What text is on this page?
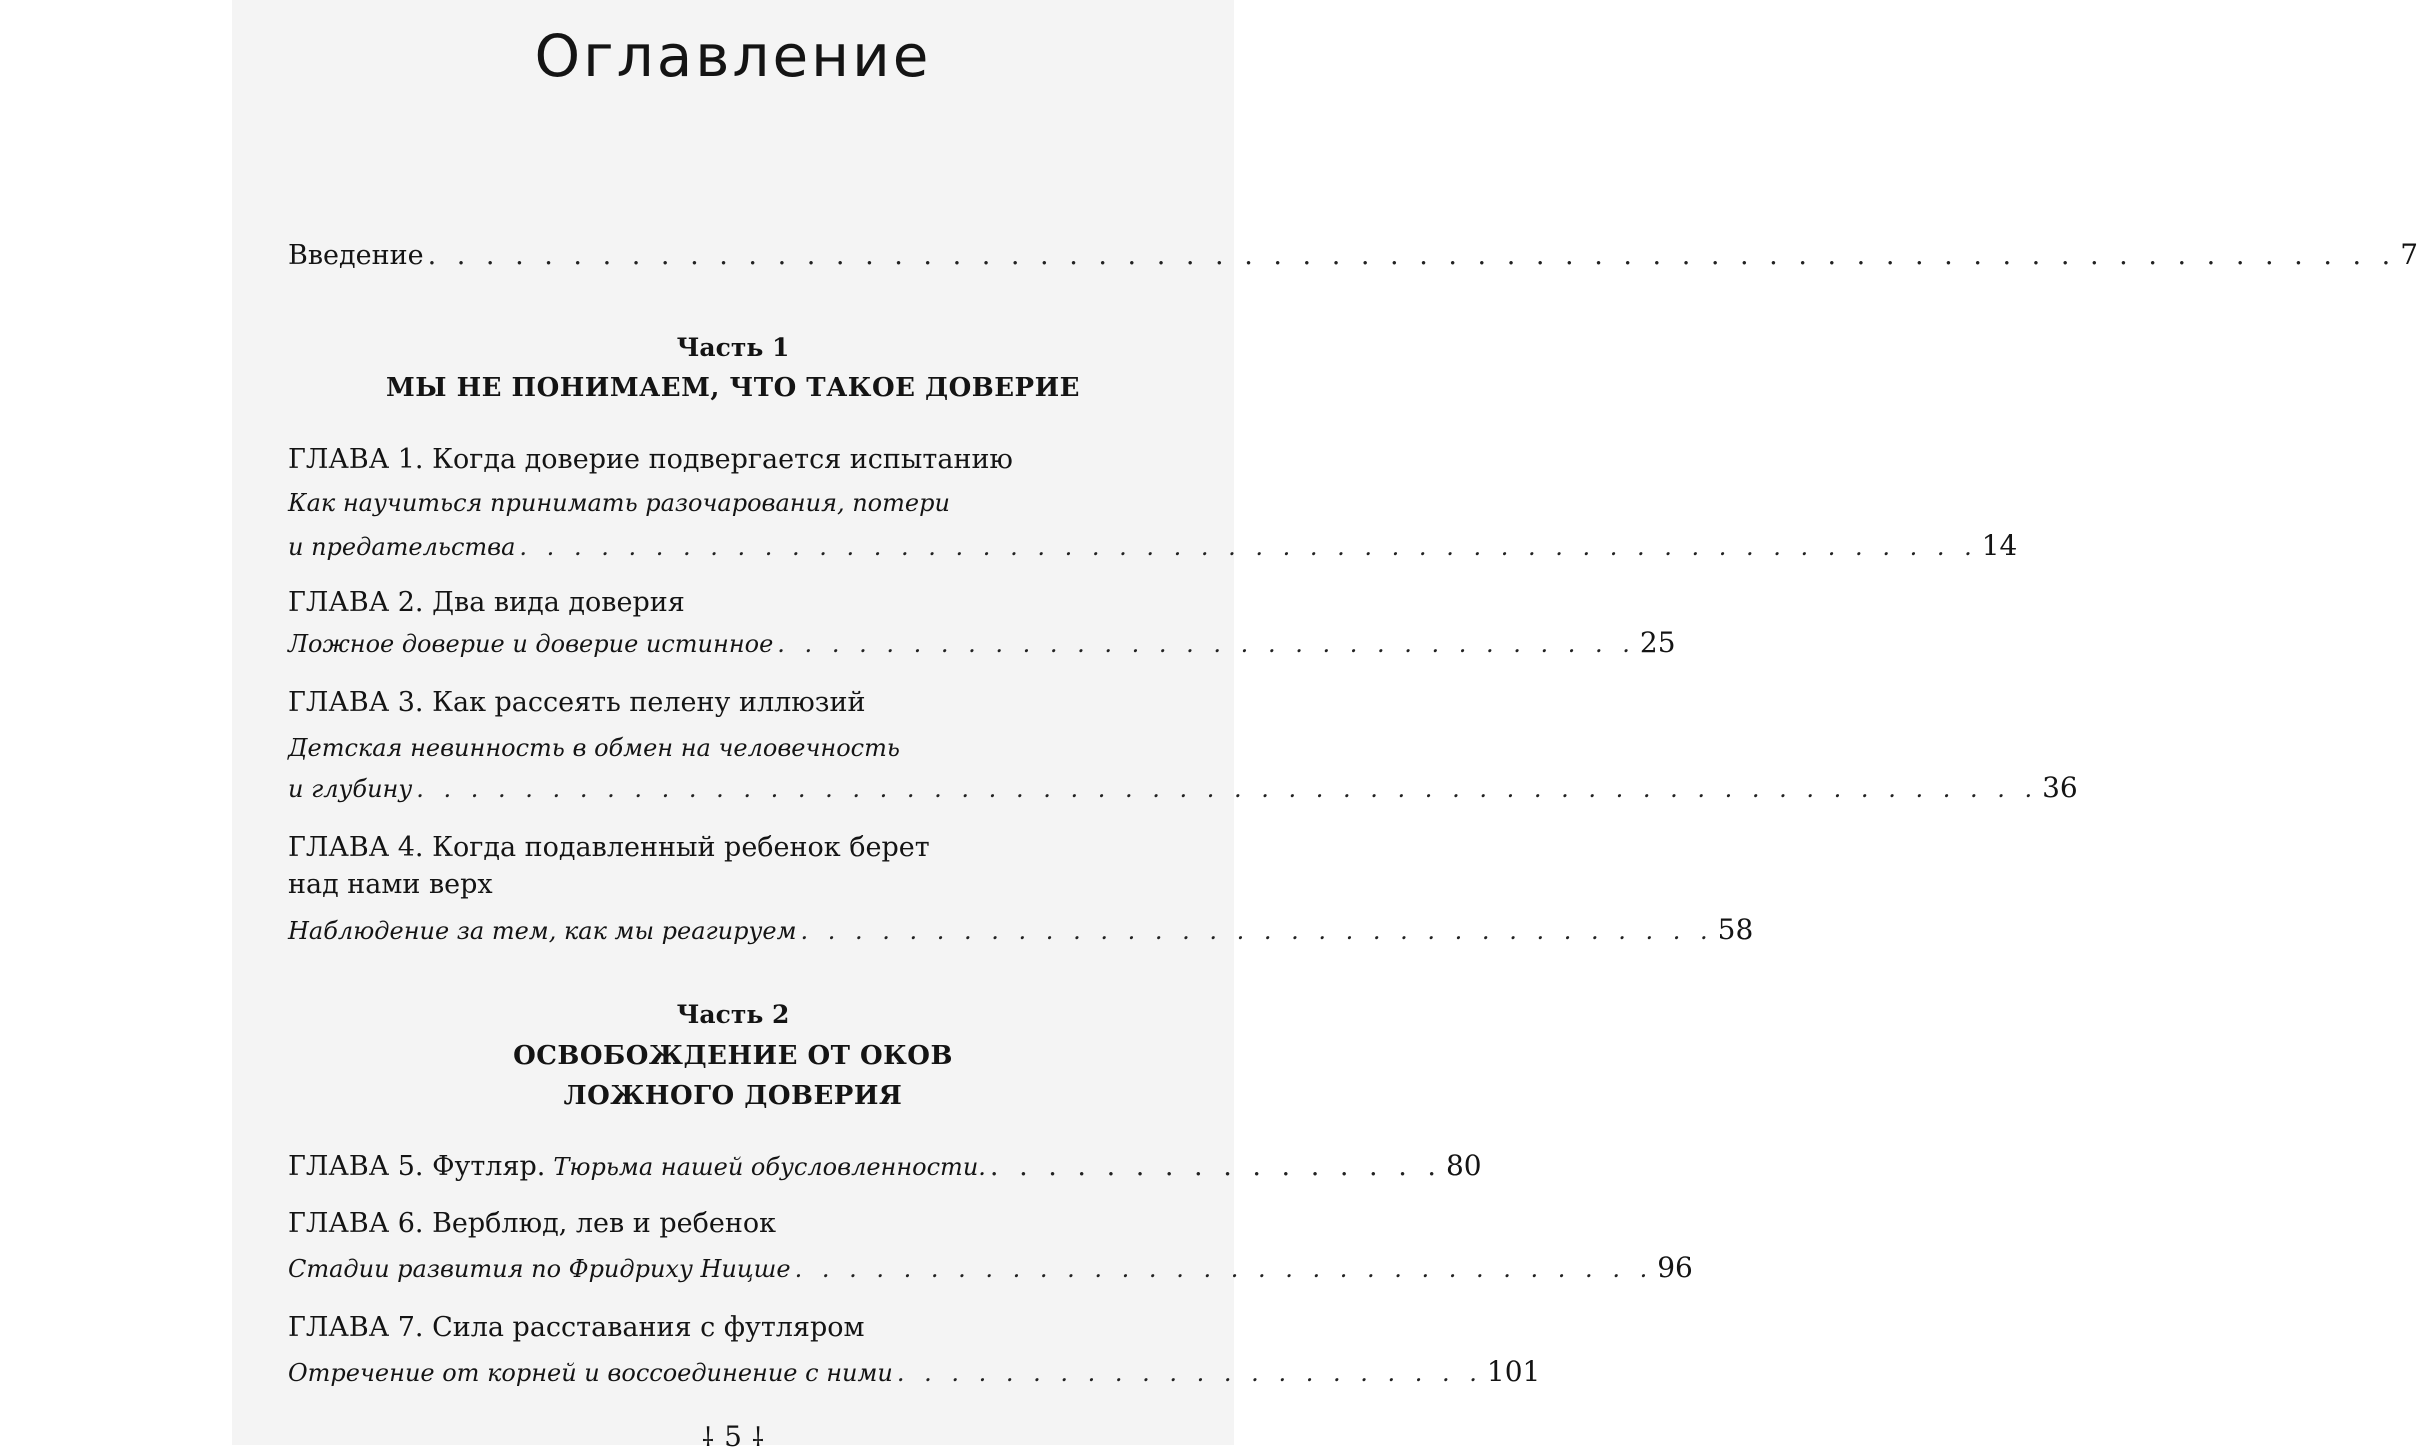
Оглавление
Введение . . . . . . . . . . . . . . . . . . . . . . . . . . . . . . . . . . . . . . . . . . . . . . . . . . . . . . . . . . . . . . . . . . . . 7
Часть 1
МЫ НЕ ПОНИМАЕМ, ЧТО ТАКОЕ ДОВЕРИЕ
ГЛАВА 1. Когда доверие подвергается испытанию
Как научиться принимать разочарования, потери
и предательства . . . . . . . . . . . . . . . . . . . . . . . . . . . . . . . . . . . . . . . . . . . . . . . . . . . . . . 14
ГЛАВА 2. Два вида доверия
Ложное доверие и доверие истинное . . . . . . . . . . . . . . . . . . . . . . . . . . . . . . . . 25
ГЛАВА 3. Как рассеять пелену иллюзий
Детская невинность в обмен на человечность
и глубину . . . . . . . . . . . . . . . . . . . . . . . . . . . . . . . . . . . . . . . . . . . . . . . . . . . . . . . . . . . . 36
ГЛАВА 4. Когда подавленный ребенок берет
над нами верх
Наблюдение за тем, как мы реагируем . . . . . . . . . . . . . . . . . . . . . . . . . . . . . . . . . . 58
Часть 2
ОСВОБОЖДЕНИЕ ОТ ОКОВ
ЛОЖНОГО ДОВЕРИЯ
ГЛАВА 5. Футляр. Тюрьма нашей обусловленности. . . . . . . . . . . . . . . . . 80
ГЛАВА 6. Верблюд, лев и ребенок
Стадии развития по Фридриху Ницше . . . . . . . . . . . . . . . . . . . . . . . . . . . . . . . . 96
ГЛАВА 7. Сила расставания с футляром
Отречение от корней и воссоединение с ними . . . . . . . . . . . . . . . . . . . . . . 101
⸸ 5 ⸸
